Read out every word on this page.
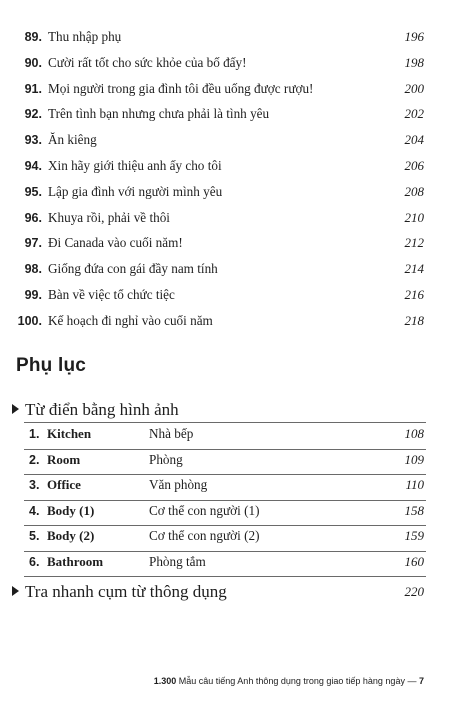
89. Thu nhập phụ	196
90. Cười rất tốt cho sức khỏe của bố đấy!	198
91. Mọi người trong gia đình tôi đều uống được rượu!	200
92. Trên tình bạn nhưng chưa phải là tình yêu	202
93. Ăn kiêng	204
94. Xin hãy giới thiệu anh ấy cho tôi	206
95. Lập gia đình với người mình yêu	208
96. Khuya rồi, phải về thôi	210
97. Đi Canada vào cuối năm!	212
98. Giống đứa con gái đầy nam tính	214
99. Bàn về việc tổ chức tiệc	216
100. Kế hoạch đi nghỉ vào cuối năm	218
Phụ lục
Từ điển bằng hình ảnh
1. Kitchen	Nhà bếp	108
2. Room	Phòng	109
3. Office	Văn phòng	110
4. Body (1)	Cơ thể con người (1)	158
5. Body (2)	Cơ thể con người (2)	159
6. Bathroom	Phòng tắm	160
Tra nhanh cụm từ thông dụng	220
1.300 Mẫu câu tiếng Anh thông dụng trong giao tiếp hàng ngày — 7
